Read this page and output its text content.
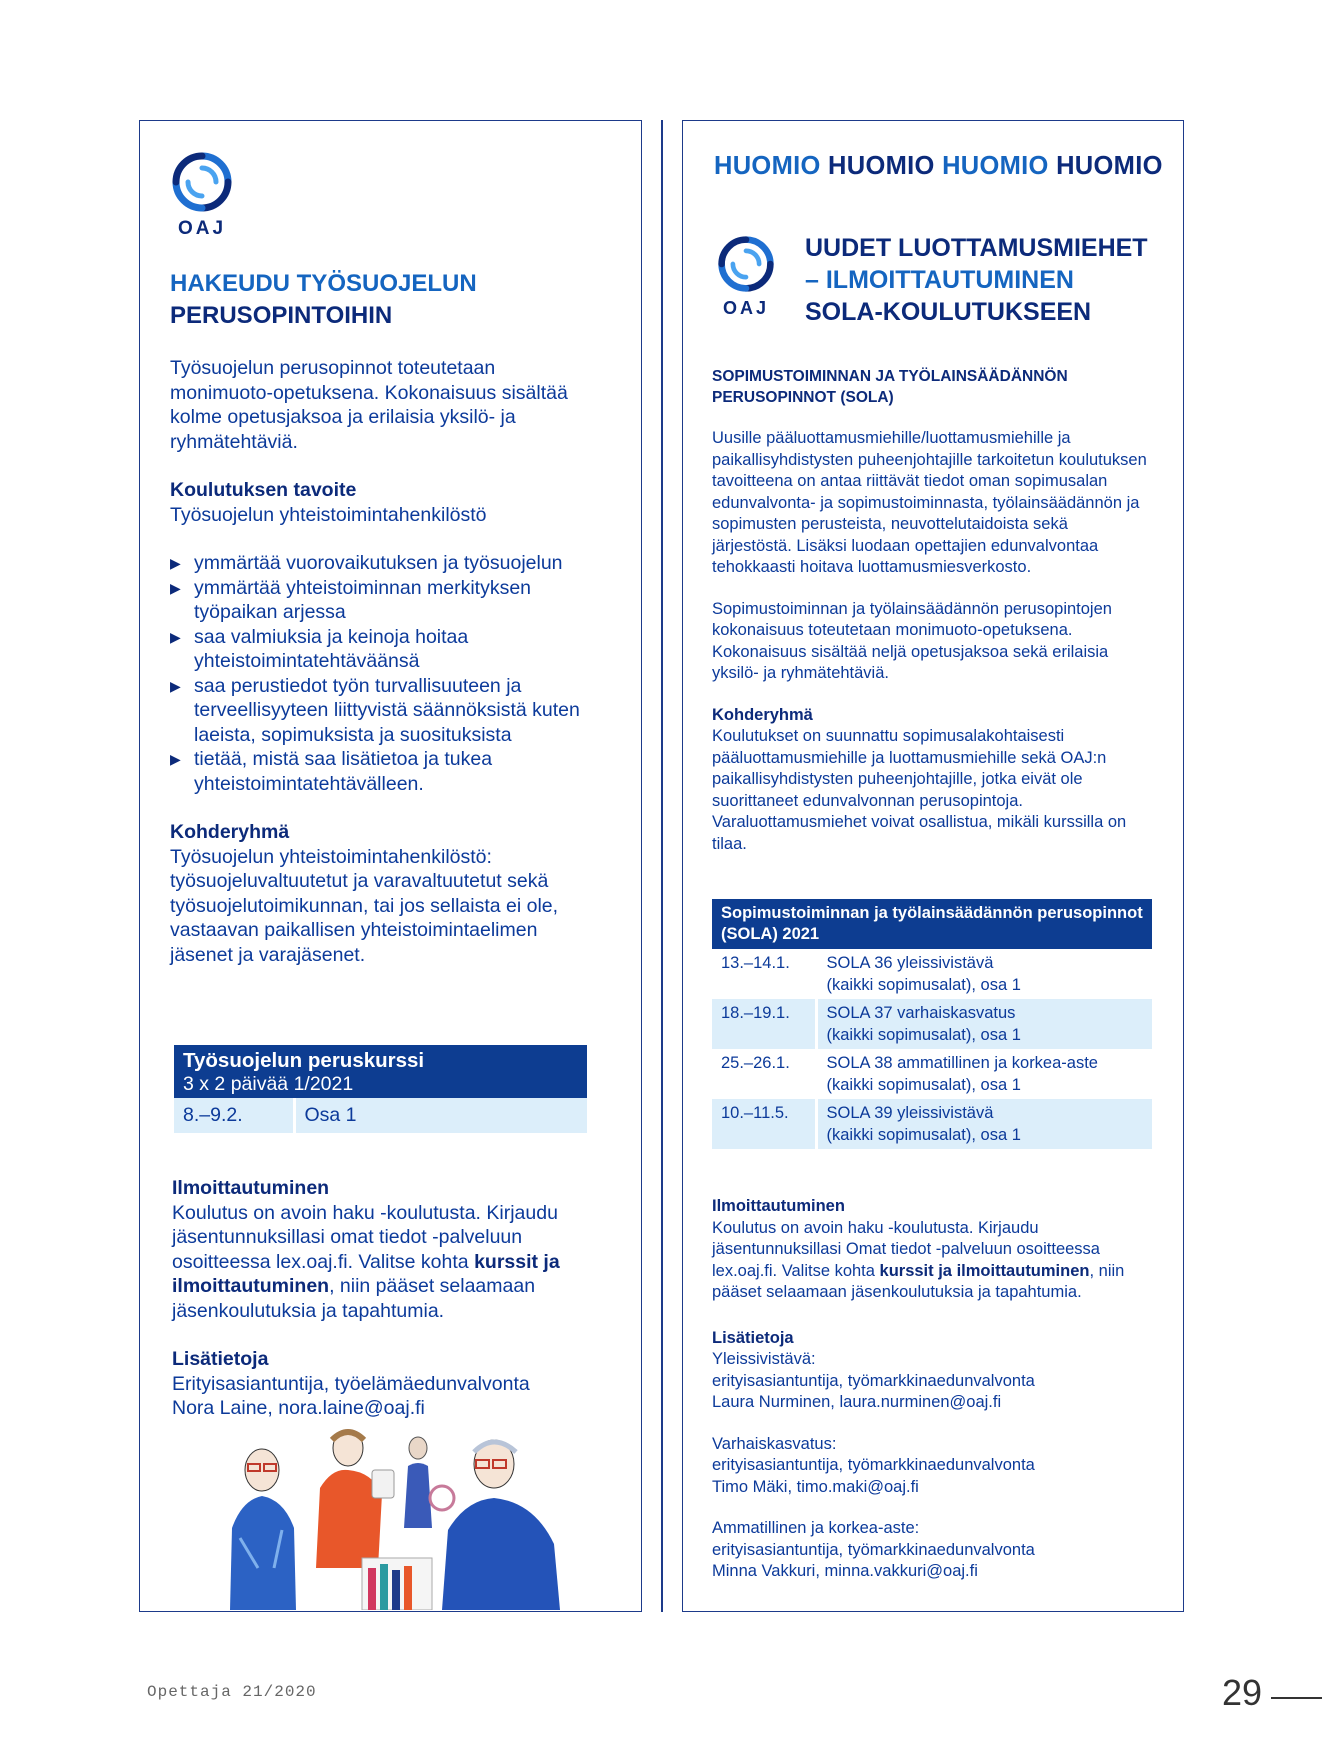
OAJ
HAKEUDU TYÖSUOJELUN
PERUSOPINTOIHIN

Työsuojelun perusopinnot toteutetaan monimuoto-opetuksena. Kokonaisuus sisältää kolme opetusjaksoa ja erilaisia yksilö- ja ryhmätehtäviä.

Koulutuksen tavoite

Työsuojelun yhteistoimintahenkilöstö

▶ ymmärtää vuorovaikutuksen ja työsuojelun
▶ ymmärtää yhteistoiminnan merkityksen työpaikan arjessa
▶ saa valmiuksia ja keinoja hoitaa yhteistoimintatehtäväänsä
▶ saa perustiedot työn turvallisuuteen ja terveellisyyteen liittyvistä säännöksistä kuten laeista, sopimuksista ja suosituksista
▶ tietää, mistä saa lisätietoa ja tukea yhteistoimintatehtävälleen.

Kohderyhmä

Työsuojelun yhteistoimintahenkilöstö: työsuojeluvaltuutetut ja varavaltuutetut sekä työsuojelutoimikunnan, tai jos sellaista ei ole, vastaavan paikallisen yhteistoimintaelimen jäsenet ja varajäsenet.

Työsuojelun peruskurssi
3 x 2 päivää 1/2021

8.–9.2.	Osa 1

Ilmoittautuminen

Koulutus on avoin haku -koulutusta. Kirjaudu jäsentunnuksillasi omat tiedot -palveluun osoitteessa lex.oaj.fi. Valitse kohta kurssit ja ilmoittautuminen, niin pääset selaamaan jäsenkoulutuksia ja tapahtumia.

Lisätietoja

Erityisasiantuntija, työelämäedunvalvonta

Nora Laine, nora.laine@oaj.fi

HUOMIO HUOMIO HUOMIO HUOMIO
OAJ
UUDET LUOTTAMUSMIEHET
– ILMOITTAUTUMINEN
SOLA-KOULUTUKSEEN

SOPIMUSTOIMINNAN JA TYÖLAINSÄÄDÄNNÖN PERUSOPINNOT (SOLA)

Uusille pääluottamusmiehille/luottamusmiehille ja paikallisyhdistysten puheenjohtajille tarkoitetun koulutuksen tavoitteena on antaa riittävät tiedot oman sopimusalan edunvalvonta- ja sopimustoiminnasta, työlainsäädännön ja sopimusten perusteista, neuvottelutaidoista sekä järjestöstä. Lisäksi luodaan opettajien edunvalvontaa tehokkaasti hoitava luottamusmiesverkosto.

Sopimustoiminnan ja työlainsäädännön perusopintojen kokonaisuus toteutetaan monimuoto-opetuksena. Kokonaisuus sisältää neljä opetusjaksoa sekä erilaisia yksilö- ja ryhmätehtäviä.

Kohderyhmä

Koulutukset on suunnattu sopimusalakohtaisesti pääluottamusmiehille ja luottamusmiehille sekä OAJ:n paikallisyhdistysten puheenjohtajille, jotka eivät ole suorittaneet edunvalvonnan perusopintoja. Varaluottamusmiehet voivat osallistua, mikäli kurssilla on tilaa.

Sopimustoiminnan ja työlainsäädännön perusopinnot (SOLA) 2021	
13.–14.1.	SOLA 36 yleissivistävä
(kaikki sopimusalat), osa 1

18.–19.1.	SOLA 37 varhaiskasvatus
(kaikki sopimusalat), osa 1

25.–26.1.	SOLA 38 ammatillinen ja korkea-aste
(kaikki sopimusalat), osa 1

10.–11.5.	SOLA 39 yleissivistävä
(kaikki sopimusalat), osa 1

Ilmoittautuminen

Koulutus on avoin haku -koulutusta. Kirjaudu jäsentunnuksillasi Omat tiedot -palveluun osoitteessa lex.oaj.fi. Valitse kohta kurssit ja ilmoittautuminen, niin pääset selaamaan jäsenkoulutuksia ja tapahtumia.

Lisätietoja

Yleissivistävä:

erityisasiantuntija, työmarkkinaedunvalvonta

Laura Nurminen, laura.nurminen@oaj.fi

Varhaiskasvatus:

erityisasiantuntija, työmarkkinaedunvalvonta

Timo Mäki, timo.maki@oaj.fi

Ammatillinen ja korkea-aste:

erityisasiantuntija, työmarkkinaedunvalvonta

Minna Vakkuri, minna.vakkuri@oaj.fi

Opettaja 21/2020	29
